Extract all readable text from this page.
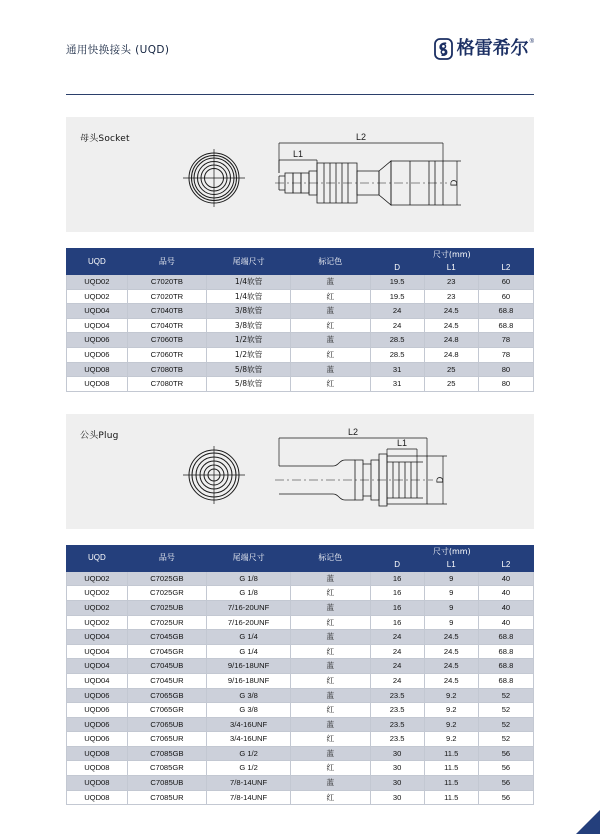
通用快换接头 (UQD)	格雷希尔 ®
母头Socket	L2
L1
D
UQD	品号	尾端尺寸	标记色	尺寸(mm)		
				D	L1	L2
UQD02	C7020TB	1/4软管	蓝	19.5	23	60
UQD02	C7020TR	1/4软管	红	19.5	23	60
UQD04	C7040TB	3/8软管	蓝	24	24.5	68.8
UQD04	C7040TR	3/8软管	红	24	24.5	68.8
UQD06	C7060TB	1/2软管	蓝	28.5	24.8	78
UQD06	C7060TR	1/2软管	红	28.5	24.8	78
UQD08	C7080TB	5/8软管	蓝	31	25	80
UQD08	C7080TR	5/8软管	红	31	25	80
公头Plug	L2
L1
D
UQD	品号	尾端尺寸	标记色	尺寸(mm)		
				D	L1	L2
UQD02	C7025GB	G 1/8	蓝	16	9	40
UQD02	C7025GR	G 1/8	红	16	9	40
UQD02	C7025UB	7/16-20UNF	蓝	16	9	40
UQD02	C7025UR	7/16-20UNF	红	16	9	40
UQD04	C7045GB	G 1/4	蓝	24	24.5	68.8
UQD04	C7045GR	G 1/4	红	24	24.5	68.8
UQD04	C7045UB	9/16-18UNF	蓝	24	24.5	68.8
UQD04	C7045UR	9/16-18UNF	红	24	24.5	68.8
UQD06	C7065GB	G 3/8	蓝	23.5	9.2	52
UQD06	C7065GR	G 3/8	红	23.5	9.2	52
UQD06	C7065UB	3/4-16UNF	蓝	23.5	9.2	52
UQD06	C7065UR	3/4-16UNF	红	23.5	9.2	52
UQD08	C7085GB	G 1/2	蓝	30	11.5	56
UQD08	C7085GR	G 1/2	红	30	11.5	56
UQD08	C7085UB	7/8-14UNF	蓝	30	11.5	56
UQD08	C7085UR	7/8-14UNF	红	30	11.5	56
